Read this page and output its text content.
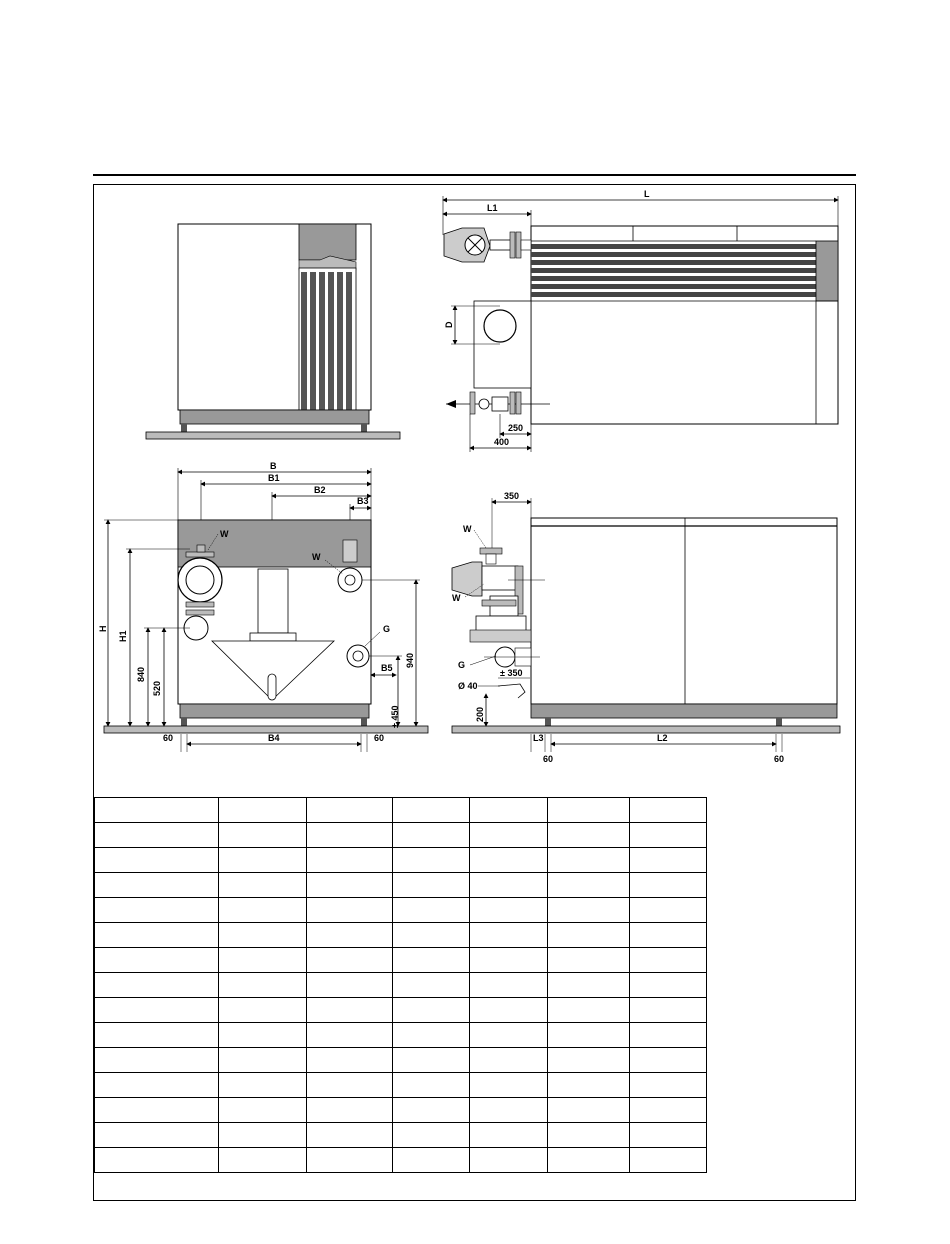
L
L1
D
250
400
B
B1
B2
B3
W
W
G
H
H1
840
520
940
± 450
B5
B4
60	60
350
W
W
G
± 350
Ø 40
200
L2
L3
60	60
